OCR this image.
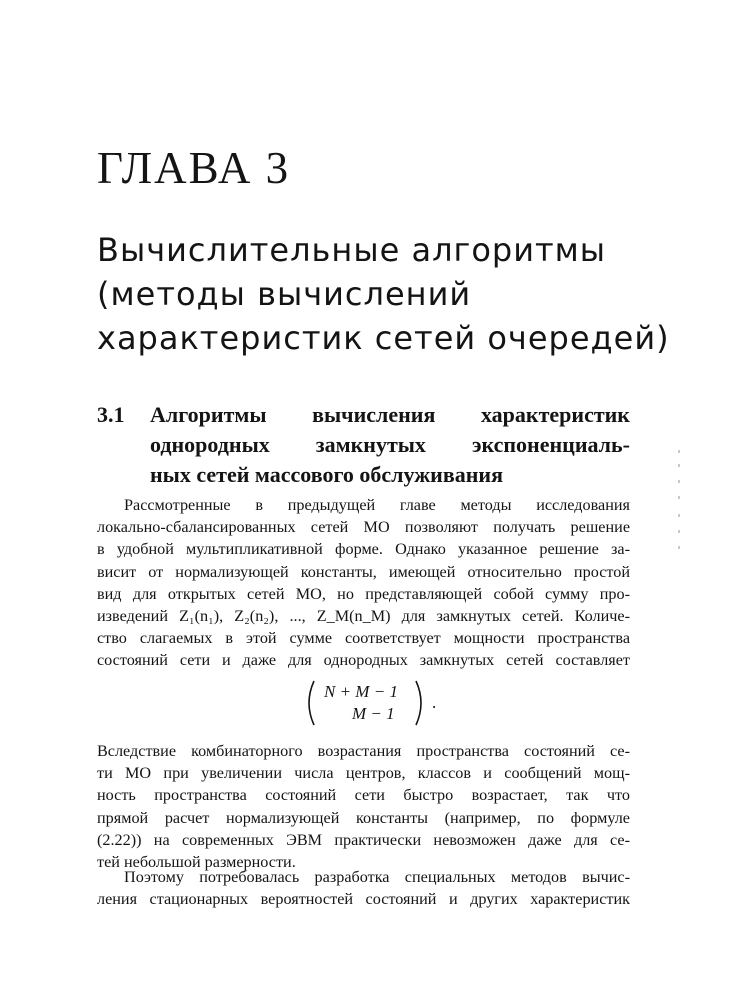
ГЛАВА 3
Вычислительные алгоритмы
(методы вычислений
характеристик сетей очередей)
3.1 Алгоритмы вычисления характеристик
однородных замкнутых экспоненциаль-
ных сетей массового обслуживания

Рассмотренные в предыдущей главе методы исследования
локально-сбалансированных сетей МО позволяют получать решение
в удобной мультипликативной форме. Однако указанное решение за-
висит от нормализующей константы, имеющей относительно простой
вид для открытых сетей МО, но представляющей собой сумму про-
изведений Z₁(n₁), Z₂(n₂), ..., Z_M(n_M) для замкнутых сетей. Количе-
ство слагаемых в этой сумме соответствует мощности пространства
состояний сети и даже для однородных замкнутых сетей составляет

N + M − 1
M − 1
.

Вследствие комбинаторного возрастания пространства состояний се-
ти МО при увеличении числа центров, классов и сообщений мощ-
ность пространства состояний сети быстро возрастает, так что
прямой расчет нормализующей константы (например, по формуле
(2.22)) на современных ЭВМ практически невозможен даже для се-
тей небольшой размерности.

Поэтому потребовалась разработка специальных методов вычис-
ления стационарных вероятностей состояний и других характеристик
